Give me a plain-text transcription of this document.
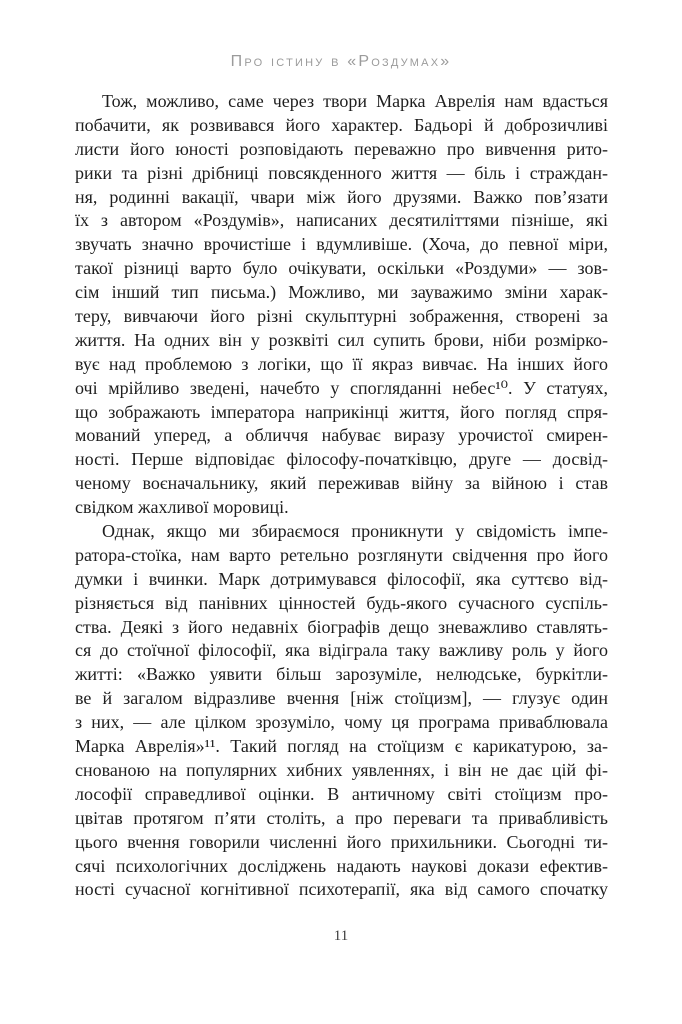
Про істину в «Роздумах»
Тож, можливо, саме через твори Марка Аврелія нам вдасться
побачити, як розвивався його характер. Бадьорі й доброзичливі
листи його юності розповідають переважно про вивчення рито-
рики та різні дрібниці повсякденного життя — біль і страждан-
ня, родинні вакації, чвари між його друзями. Важко пов’язати
їх з автором «Роздумів», написаних десятиліттями пізніше, які
звучать значно врочистіше і вдумливіше. (Хоча, до певної міри,
такої різниці варто було очікувати, оскільки «Роздуми» — зов-
сім інший тип письма.) Можливо, ми зауважимо зміни харак-
теру, вивчаючи його різні скульптурні зображення, створені за
життя. На одних він у розквіті сил супить брови, ніби розмірко-
вує над проблемою з логіки, що її якраз вивчає. На інших його
очі мрійливо зведені, начебто у спогляданні небес¹⁰. У статуях,
що зображають імператора наприкінці життя, його погляд спря-
мований уперед, а обличчя набуває виразу урочистої смирен-
ності. Перше відповідає філософу-початківцю, друге — досвід-
ченому воєначальнику, який переживав війну за війною і став
свідком жахливої моровиці.
Однак, якщо ми збираємося проникнути у свідомість імпе-
ратора-стоїка, нам варто ретельно розглянути свідчення про його
думки і вчинки. Марк дотримувався філософії, яка суттєво від-
різняється від панівних цінностей будь-якого сучасного суспіль-
ства. Деякі з його недавніх біографів дещо зневажливо ставлять-
ся до стоїчної філософії, яка відіграла таку важливу роль у його
житті: «Важко уявити більш зарозуміле, нелюдське, буркітли-
ве й загалом відразливе вчення [ніж стоїцизм], — глузує один
з них, — але цілком зрозуміло, чому ця програма приваблювала
Марка Аврелія»¹¹. Такий погляд на стоїцизм є карикатурою, за-
снованою на популярних хибних уявленнях, і він не дає цій фі-
лософії справедливої оцінки. В античному світі стоїцизм про-
цвітав протягом п’яти століть, а про переваги та привабливість
цього вчення говорили численні його прихильники. Сьогодні ти-
сячі психологічних досліджень надають наукові докази ефектив-
ності сучасної когнітивної психотерапії, яка від самого спочатку
11
